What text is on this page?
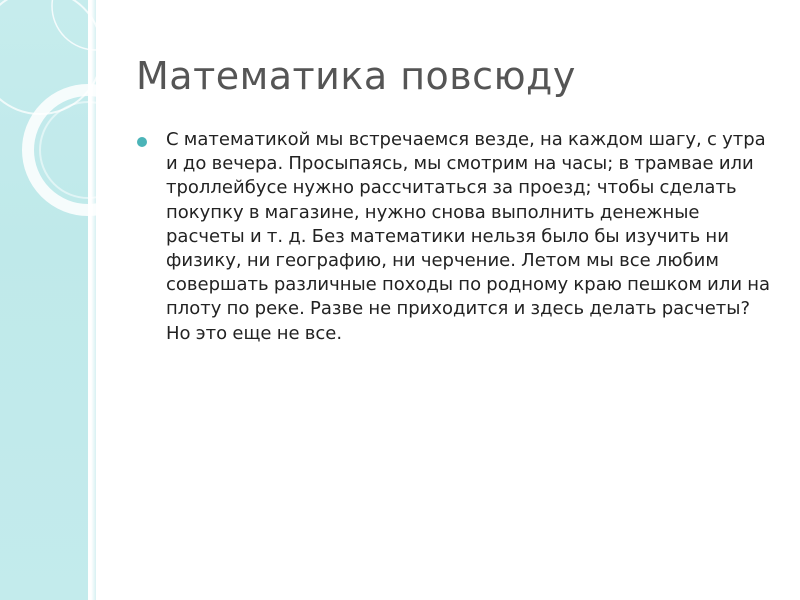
Математика повсюду
С математикой мы встречаемся везде, на каждом шагу, с утра и до вечера. Просыпаясь, мы смотрим на часы; в трамвае или троллейбусе нужно рассчитаться за проезд; чтобы сделать покупку в магазине, нужно снова выполнить денежные расчеты и т. д. Без математики нельзя было бы изучить ни физику, ни географию, ни черчение. Летом мы все любим совершать различные походы по родному краю пешком или на плоту по реке. Разве не приходится и здесь делать расчеты? Но это еще не все.
